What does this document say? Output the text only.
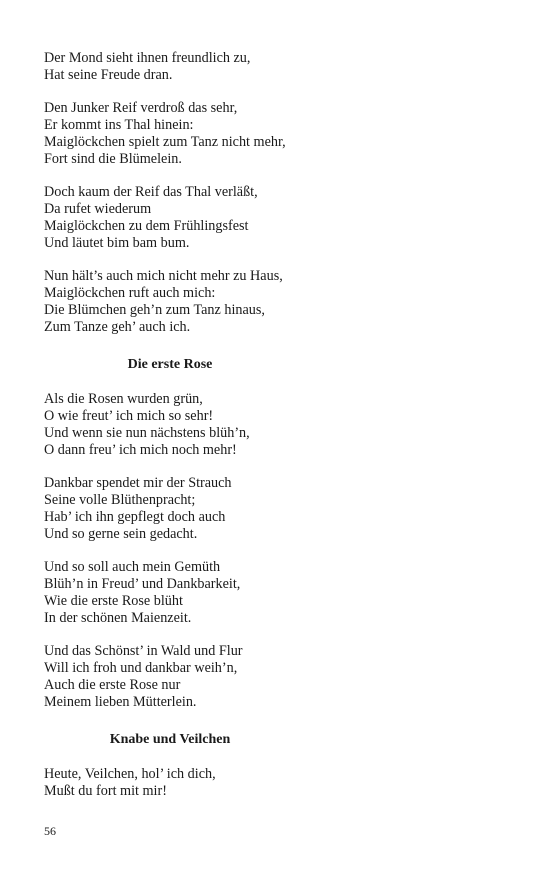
Der Mond sieht ihnen freundlich zu,
Hat seine Freude dran.
Den Junker Reif verdroß das sehr,
Er kommt ins Thal hinein:
Maiglöckchen spielt zum Tanz nicht mehr,
Fort sind die Blümelein.
Doch kaum der Reif das Thal verläßt,
Da rufet wiederum
Maiglöckchen zu dem Frühlingsfest
Und läutet bim bam bum.
Nun hält’s auch mich nicht mehr zu Haus,
Maiglöckchen ruft auch mich:
Die Blümchen geh’n zum Tanz hinaus,
Zum Tanze geh’ auch ich.
Die erste Rose
Als die Rosen wurden grün,
O wie freut’ ich mich so sehr!
Und wenn sie nun nächstens blüh’n,
O dann freu’ ich mich noch mehr!
Dankbar spendet mir der Strauch
Seine volle Blüthenpracht;
Hab’ ich ihn gepflegt doch auch
Und so gerne sein gedacht.
Und so soll auch mein Gemüth
Blüh’n in Freud’ und Dankbarkeit,
Wie die erste Rose blüht
In der schönen Maienzeit.
Und das Schönst’ in Wald und Flur
Will ich froh und dankbar weih’n,
Auch die erste Rose nur
Meinem lieben Mütterlein.
Knabe und Veilchen
Heute, Veilchen, hol’ ich dich,
Mußt du fort mit mir!
56
